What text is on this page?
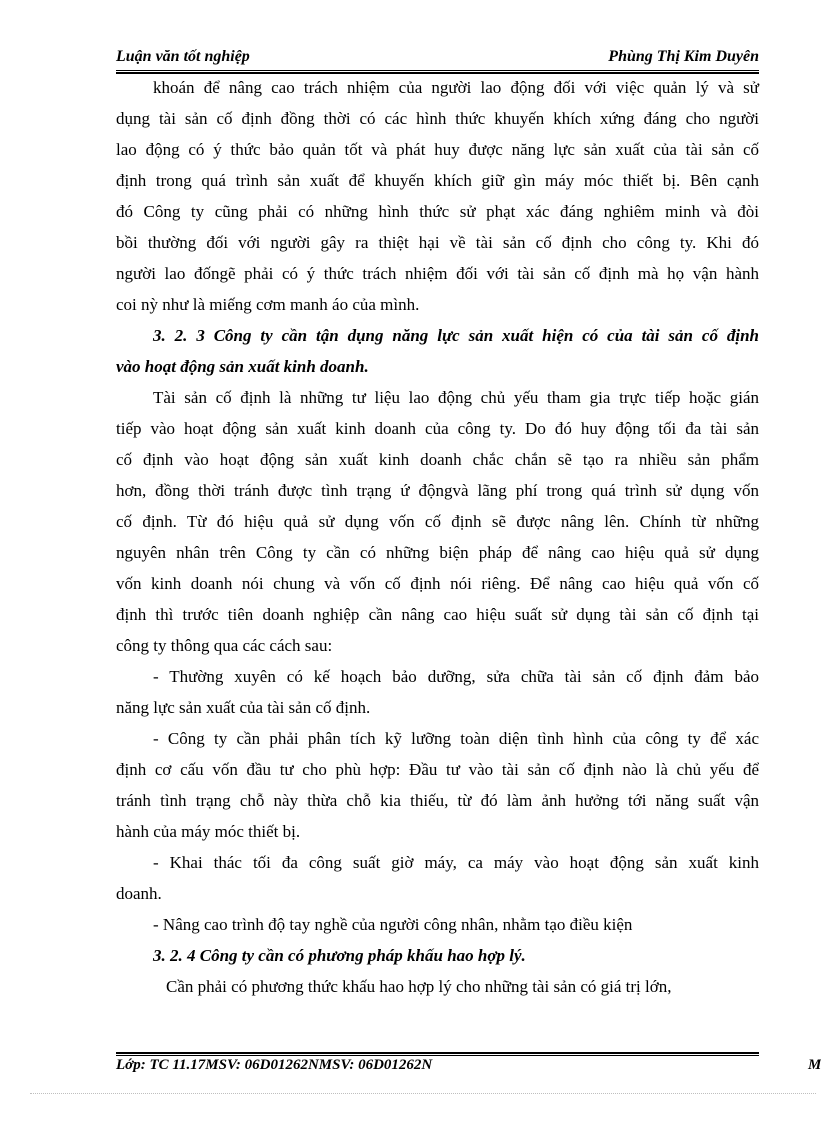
Luận văn tốt nghiệp	Phùng Thị Kim Duyên
khoán để nâng cao trách nhiệm của người lao động đối với việc quản lý và sử
dụng tài sản cố định đồng thời có các hình thức khuyến khích xứng đáng cho người
lao động có ý thức bảo quản tốt và phát huy được năng lực sản xuất của tài sản cố
định trong quá trình sản xuất để khuyến khích giữ gìn máy móc thiết bị. Bên cạnh
đó Công ty cũng phải có những hình thức sử phạt xác đáng nghiêm minh và đòi
bồi thường đối với người gây ra thiệt hại về tài sản cố định cho công ty. Khi đó
người lao đốngẽ phải có ý thức trách nhiệm đối với tài sản cố định mà họ vận hành
coi nỳ như là miếng cơm manh áo của mình.
3. 2. 3 Công ty cần tận dụng năng lực sản xuất hiện có của tài sản cố định
vào hoạt động sản xuất kinh doanh.
Tài sản cố định là những tư liệu lao động chủ yếu tham gia trực tiếp hoặc gián
tiếp vào hoạt động sản xuất kinh doanh của công ty. Do đó huy động tối đa tài sản
cố định vào hoạt động sản xuất kinh doanh chắc chắn sẽ tạo ra nhiều sản phẩm
hơn, đồng thời tránh được tình trạng ứ độngvà lãng phí trong quá trình sử dụng vốn
cố định. Từ đó hiệu quả sử dụng vốn cố định sẽ được nâng lên. Chính từ những
nguyên nhân trên Công ty cần có những biện pháp để nâng cao hiệu quả sử dụng
vốn kinh doanh nói chung và vốn cố định nói riêng. Để nâng cao hiệu quả vốn cố
định thì trước tiên doanh nghiệp cần nâng cao hiệu suất sử dụng tài sản cố định tại
công ty thông qua các cách sau:
- Thường xuyên có kế hoạch bảo dưỡng, sửa chữa tài sản cố định đảm bảo
năng lực sản xuất của tài sản cố định.
- Công ty cần phải phân tích kỹ lưỡng toàn diện tình hình của công ty để xác
định cơ cấu vốn đầu tư cho phù hợp: Đầu tư vào tài sản cố định nào là chủ yếu để
tránh tình trạng chỗ này thừa chỗ kia thiếu, từ đó làm ảnh hưởng tới năng suất vận
hành của máy móc thiết bị.
- Khai thác tối đa công suất giờ máy, ca máy vào hoạt động sản xuất kinh
doanh.
- Nâng cao trình độ tay nghề của người công nhân, nhằm tạo điều kiện
3. 2. 4 Công ty cần có phương pháp khấu hao hợp lý.
Cần phải có phương thức khấu hao hợp lý cho những tài sản có giá trị lớn,
Lớp: TC 11.17MSV: 06D01262NMSV: 06D01262N	M
